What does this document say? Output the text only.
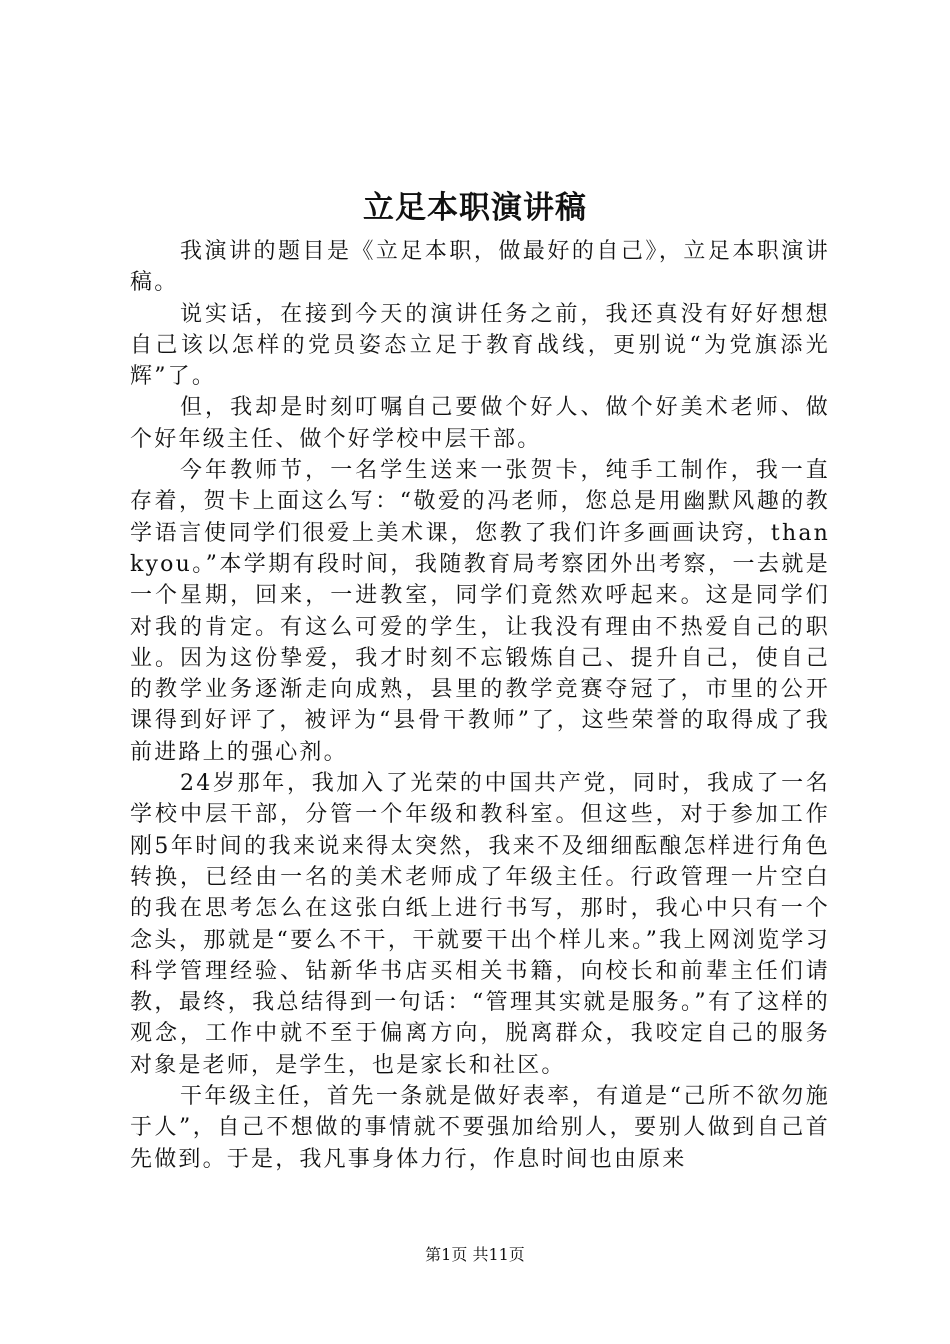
立足本职演讲稿

我演讲的题目是《立足本职，做最好的自己》，立足本职演讲稿。

说实话，在接到今天的演讲任务之前，我还真没有好好想想自己该以怎样的党员姿态立足于教育战线，更别说“为党旗添光辉”了。

但，我却是时刻叮嘱自己要做个好人、做个好美术老师、做个好年级主任、做个好学校中层干部。

今年教师节，一名学生送来一张贺卡，纯手工制作，我一直存着，贺卡上面这么写：“敬爱的冯老师，您总是用幽默风趣的教学语言使同学们很爱上美术课，您教了我们许多画画诀窍，thankyou。”本学期有段时间，我随教育局考察团外出考察，一去就是一个星期，回来，一进教室，同学们竟然欢呼起来。这是同学们对我的肯定。有这么可爱的学生，让我没有理由不热爱自己的职业。因为这份挚爱，我才时刻不忘锻炼自己、提升自己，使自己的教学业务逐渐走向成熟，县里的教学竞赛夺冠了，市里的公开课得到好评了，被评为“县骨干教师”了，这些荣誉的取得成了我前进路上的强心剂。

24岁那年，我加入了光荣的中国共产党，同时，我成了一名学校中层干部，分管一个年级和教科室。但这些，对于参加工作刚5年时间的我来说来得太突然，我来不及细细酝酿怎样进行角色转换，已经由一名的美术老师成了年级主任。行政管理一片空白的我在思考怎么在这张白纸上进行书写，那时，我心中只有一个念头，那就是“要么不干，干就要干出个样儿来。”我上网浏览学习科学管理经验、钻新华书店买相关书籍，向校长和前辈主任们请教，最终，我总结得到一句话：“管理其实就是服务。”有了这样的观念，工作中就不至于偏离方向，脱离群众，我咬定自己的服务对象是老师，是学生，也是家长和社区。

干年级主任，首先一条就是做好表率，有道是“己所不欲勿施于人”，自己不想做的事情就不要强加给别人，要别人做到自己首先做到。于是，我凡事身体力行，作息时间也由原来

第1页 共11页
